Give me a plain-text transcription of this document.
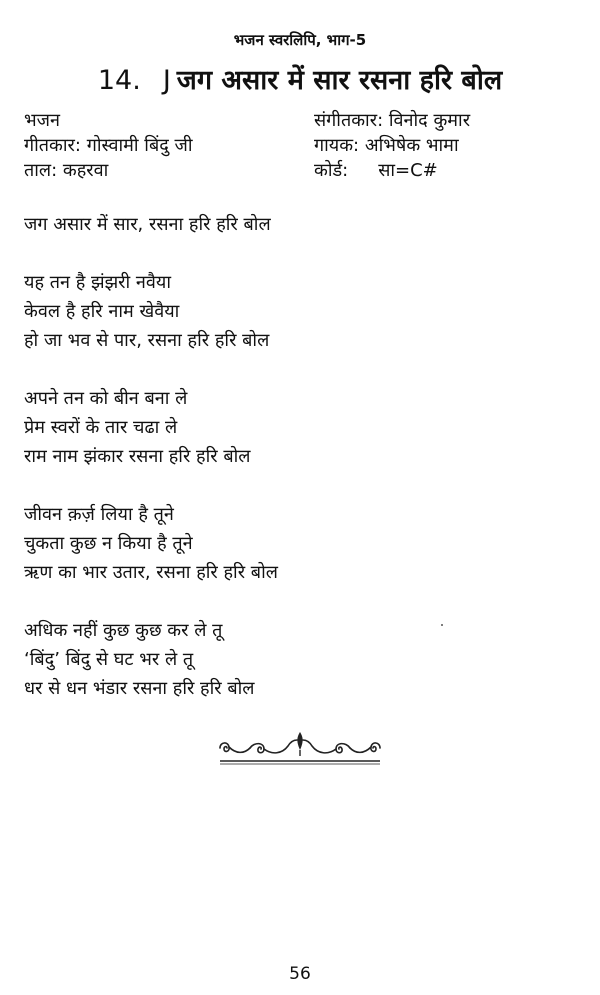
भजन स्वरलिपि, भाग-5
14. J जग असार में सार रसना हरि बोल
भजन	संगीतकार: विनोद कुमार
गीतकार: गोस्वामी बिंदु जी	गायक: अभिषेक भामा
ताल: कहरवा	कोर्ड: सा=C#
जग असार में सार, रसना हरि हरि बोल
यह तन है झंझरी नवैया
केवल है हरि नाम खेवैया
हो जा भव से पार, रसना हरि हरि बोल
अपने तन को बीन बना ले
प्रेम स्वरों के तार चढा ले
राम नाम झंकार रसना हरि हरि बोल
जीवन क़र्ज़ लिया है तूने
चुकता कुछ न किया है तूने
ऋण का भार उतार, रसना हरि हरि बोल
अधिक नहीं कुछ कुछ कर ले तू
‘बिंदु’ बिंदु से घट भर ले तू
धर से धन भंडार रसना हरि हरि बोल
56
